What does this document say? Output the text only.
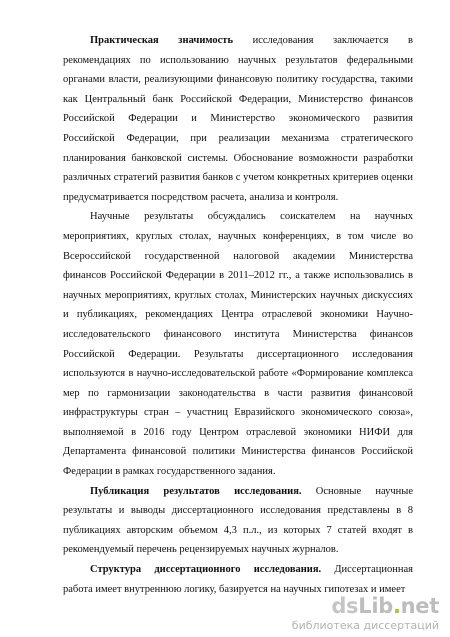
Практическая значимость исследования заключается в рекомендациях по использованию научных результатов федеральными органами власти, реализующими финансовую политику государства, такими как Центральный банк Российской Федерации, Министерство финансов Российской Федерации и Министерство экономического развития Российской Федерации, при реализации механизма стратегического планирования банковской системы. Обоснование возможности разработки различных стратегий развития банков с учетом конкретных критериев оценки предусматривается посредством расчета, анализа и контроля.

Научные результаты обсуждались соискателем на научных мероприятиях, круглых столах, научных конференциях, в том числе во Всероссийской государственной налоговой академии Министерства финансов Российской Федерации в 2011–2012 гг., а также использовались в научных мероприятиях, круглых столах, Министерских научных дискуссиях и публикациях, рекомендациях Центра отраслевой экономики Научно-исследовательского финансового института Министерства финансов Российской Федерации. Результаты диссертационного исследования используются в научно-исследовательской работе «Формирование комплекса мер по гармонизации законодательства в части развития финансовой инфраструктуры стран – участниц Евразийского экономического союза», выполняемой в 2016 году Центром отраслевой экономики НИФИ для Департамента финансовой политики Министерства финансов Российской Федерации в рамках государственного задания.

Публикация результатов исследования. Основные научные результаты и выводы диссертационного исследования представлены в 8 публикациях авторским объемом 4,3 п.л., из которых 7 статей входят в рекомендуемый перечень рецензируемых научных журналов.

Структура диссертационного исследования. Диссертационная работа имеет внутреннюю логику, базируется на научных гипотезах и имеет

dsLib.net
библиотека диссертаций
